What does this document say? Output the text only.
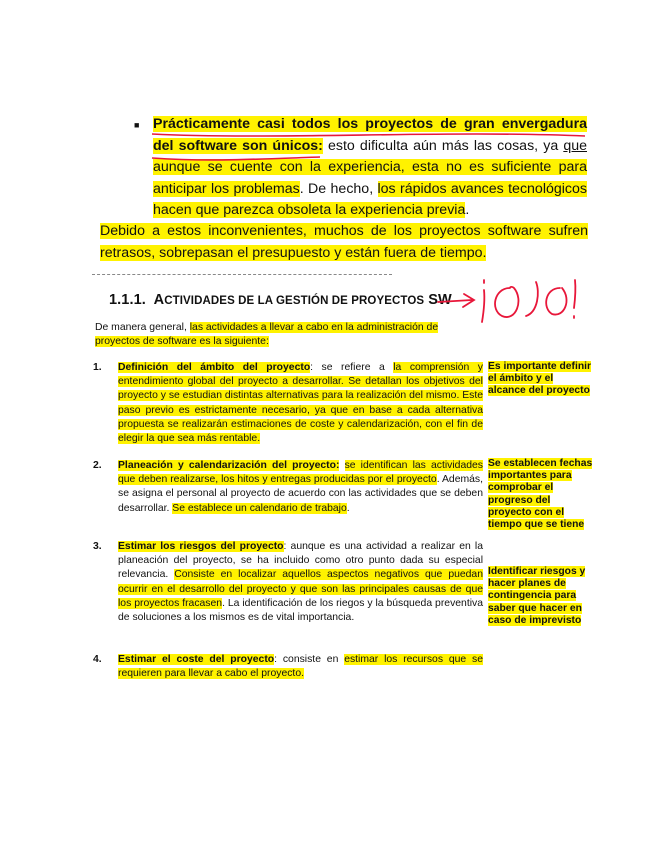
■ Prácticamente casi todos los proyectos de gran envergadura del software son únicos: esto dificulta aún más las cosas, ya que aunque se cuente con la experiencia, esta no es suficiente para anticipar los problemas. De hecho, los rápidos avances tecnológicos hacen que parezca obsoleta la experiencia previa.
Debido a estos inconvenientes, muchos de los proyectos software sufren retrasos, sobrepasan el presupuesto y están fuera de tiempo.
1.1.1. ACTIVIDADES DE LA GESTIÓN DE PROYECTOS SW
De manera general, las actividades a llevar a cabo en la administración de proyectos de software es la siguiente:
1.	Definición del ámbito del proyecto: se refiere a la comprensión y entendimiento global del proyecto a desarrollar. Se detallan los objetivos del proyecto y se estudian distintas alternativas para la realización del mismo. Este paso previo es estrictamente necesario, ya que en base a cada alternativa propuesta se realizarán estimaciones de coste y calendarización, con el fin de elegir la que sea más rentable.
2.	Planeación y calendarización del proyecto: se identifican las actividades que deben realizarse, los hitos y entregas producidas por el proyecto. Además, se asigna el personal al proyecto de acuerdo con las actividades que se deben desarrollar. Se establece un calendario de trabajo.
3.	Estimar los riesgos del proyecto: aunque es una actividad a realizar en la planeación del proyecto, se ha incluido como otro punto dada su especial relevancia. Consiste en localizar aquellos aspectos negativos que puedan ocurrir en el desarrollo del proyecto y que son las principales causas de que los proyectos fracasen. La identificación de los riegos y la búsqueda preventiva de soluciones a los mismos es de vital importancia.
4.	Estimar el coste del proyecto: consiste en estimar los recursos que se requieren para llevar a cabo el proyecto.
Es importante definir el ámbito y el alcance del proyecto
Se establecen fechas importantes para comprobar el progreso del proyecto con el tiempo que se tiene
Identificar riesgos y hacer planes de contingencia para saber que hacer en caso de imprevisto
